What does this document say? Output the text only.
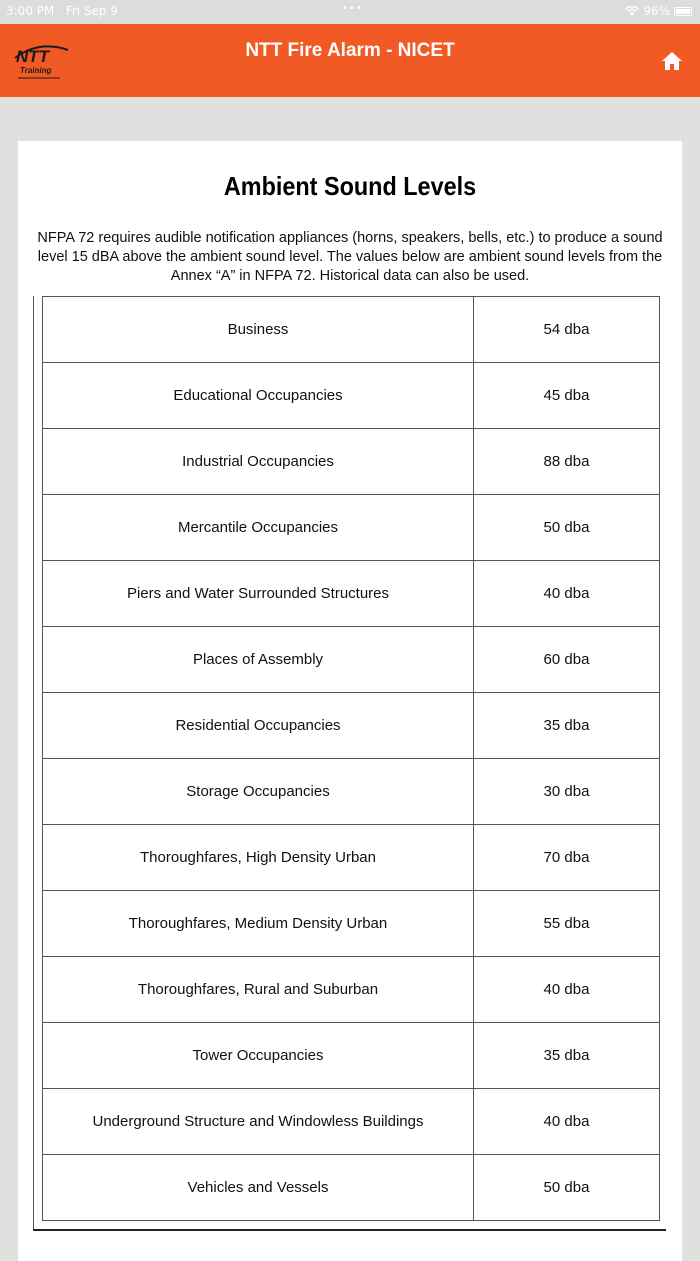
3:00 PM Fri Sep 9	•••	96%
NTT
Training
NTT Fire Alarm - NICET
Ambient Sound Levels
NFPA 72 requires audible notification appliances (horns, speakers, bells, etc.) to produce a sound level 15 dBA above the ambient sound level. The values below are ambient sound levels from the Annex “A” in NFPA 72. Historical data can also be used.
Business	54 dba
Educational Occupancies	45 dba
Industrial Occupancies	88 dba
Mercantile Occupancies	50 dba
Piers and Water Surrounded Structures	40 dba
Places of Assembly	60 dba
Residential Occupancies	35 dba
Storage Occupancies	30 dba
Thoroughfares, High Density Urban	70 dba
Thoroughfares, Medium Density Urban	55 dba
Thoroughfares, Rural and Suburban	40 dba
Tower Occupancies	35 dba
Underground Structure and Windowless Buildings	40 dba
Vehicles and Vessels	50 dba
